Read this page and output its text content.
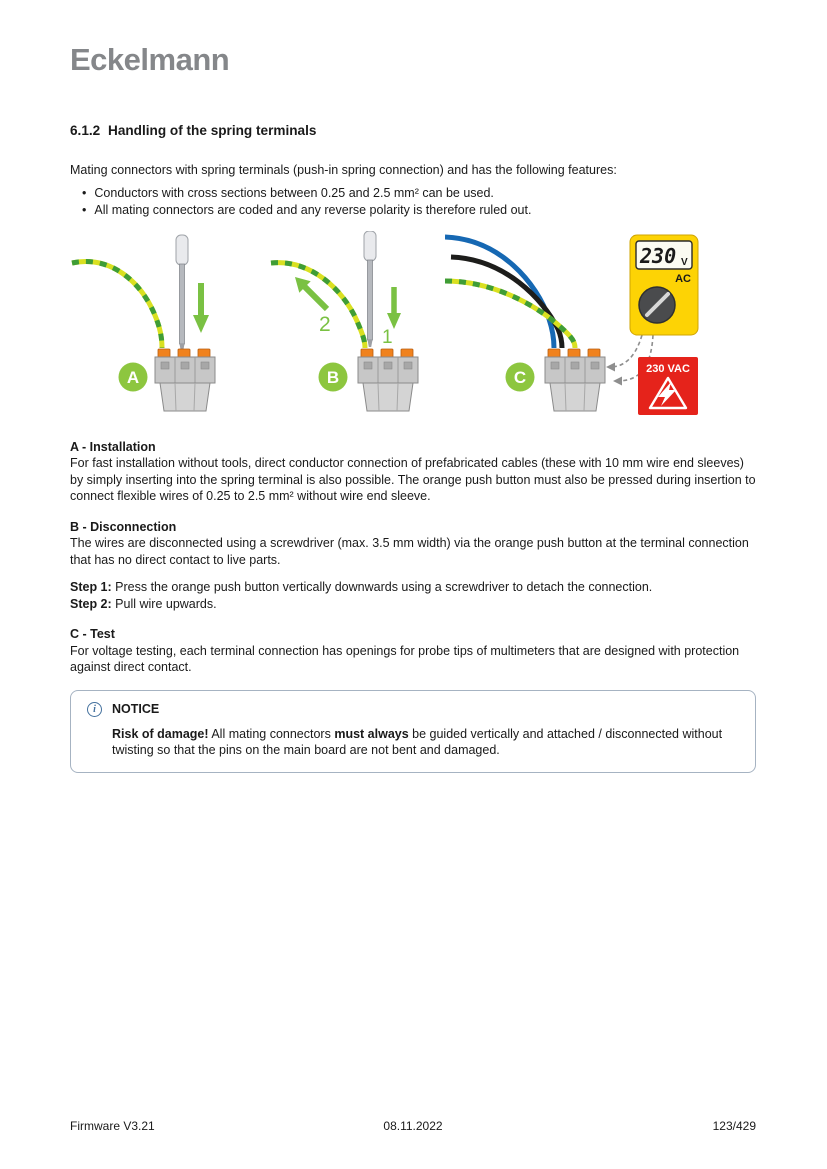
Eckelmann
6.1.2 Handling of the spring terminals

Mating connectors with spring terminals (push-in spring connection) and has the following features:

• Conductors with cross sections between 0.25 and 2.5 mm² can be used.
• All mating connectors are coded and any reverse polarity is therefore ruled out.
A
2
1
B
230 V
AC
230 VAC
C

A - Installation

For fast installation without tools, direct conductor connection of prefabricated cables (these with 10 mm wire end sleeves) by simply inserting into the spring terminal is also possible. The orange push button must also be pressed during insertion to connect flexible wires of 0.25 to 2.5 mm² without wire end sleeve.

B - Disconnection

The wires are disconnected using a screwdriver (max. 3.5 mm width) via the orange push button at the terminal connection that has no direct contact to live parts.

Step 1: Press the orange push button vertically downwards using a screwdriver to detach the connection.

Step 2: Pull wire upwards.

C - Test

For voltage testing, each terminal connection has openings for probe tips of multimeters that are designed with protection against direct contact.

i	NOTICE

Risk of damage! All mating connectors must always be guided vertically and attached / disconnected without twisting so that the pins on the main board are not bent and damaged.

Firmware V3.21	08.11.2022	123/429
